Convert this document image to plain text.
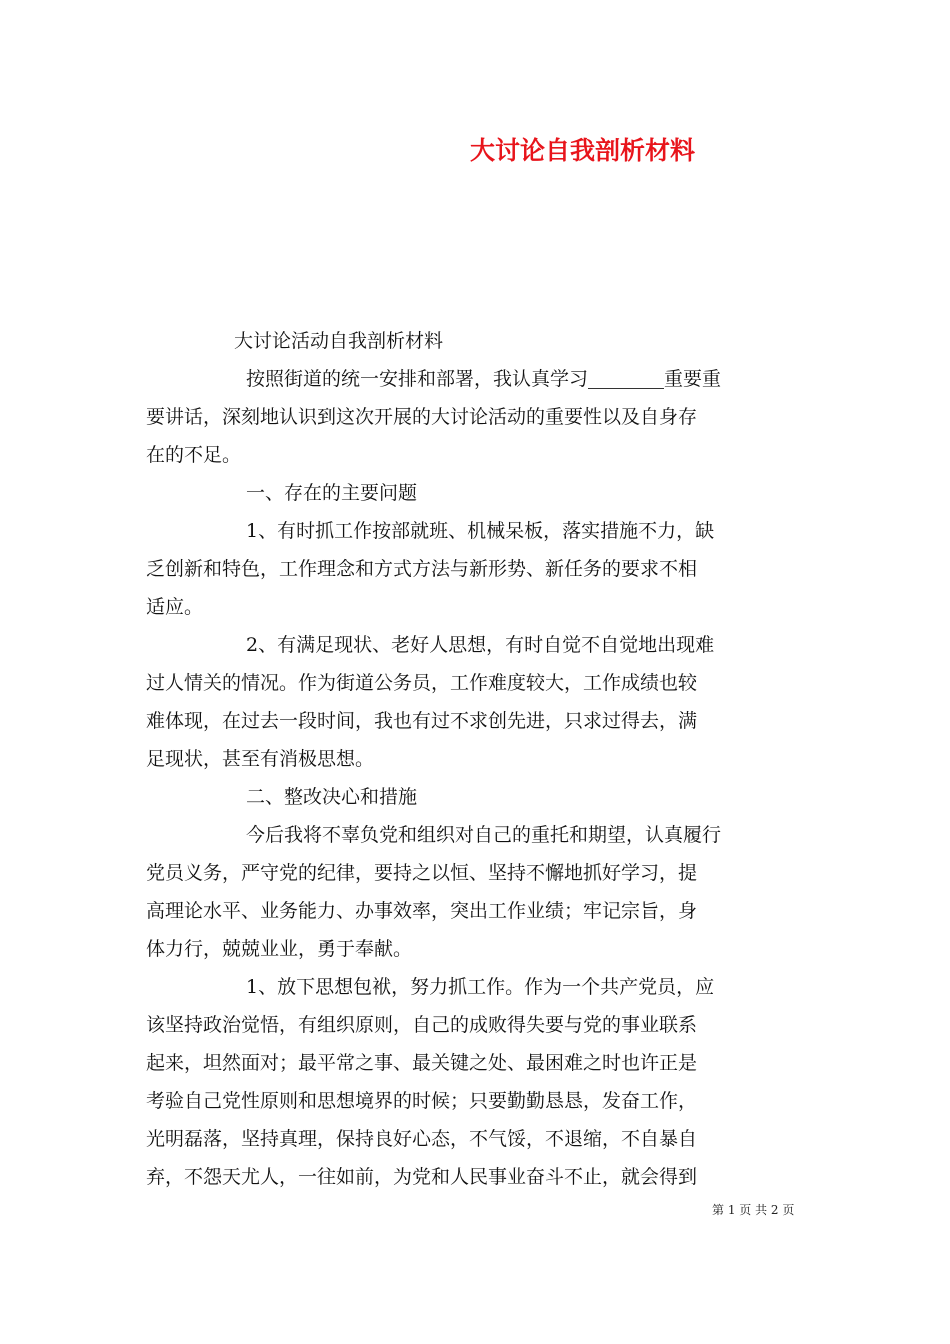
大讨论自我剖析材料
大讨论活动自我剖析材料
按照街道的统一安排和部署，我认真学习	重要重
要讲话，深刻地认识到这次开展的大讨论活动的重要性以及自身存
在的不足。
一、存在的主要问题
1、有时抓工作按部就班、机械呆板，落实措施不力，缺
乏创新和特色，工作理念和方式方法与新形势、新任务的要求不相
适应。
2、有满足现状、老好人思想，有时自觉不自觉地出现难
过人情关的情况。作为街道公务员，工作难度较大，工作成绩也较
难体现，在过去一段时间，我也有过不求创先进，只求过得去，满
足现状，甚至有消极思想。
二、整改决心和措施
今后我将不辜负党和组织对自己的重托和期望，认真履行
党员义务，严守党的纪律，要持之以恒、坚持不懈地抓好学习，提
高理论水平、业务能力、办事效率，突出工作业绩；牢记宗旨，身
体力行，兢兢业业，勇于奉献。
1、放下思想包袱，努力抓工作。作为一个共产党员，应
该坚持政治觉悟，有组织原则，自己的成败得失要与党的事业联系
起来，坦然面对；最平常之事、最关键之处、最困难之时也许正是
考验自己党性原则和思想境界的时候；只要勤勤恳恳，发奋工作，
光明磊落，坚持真理，保持良好心态，不气馁，不退缩，不自暴自
弃，不怨天尤人，一往如前，为党和人民事业奋斗不止，就会得到
第 1 页 共 2 页
